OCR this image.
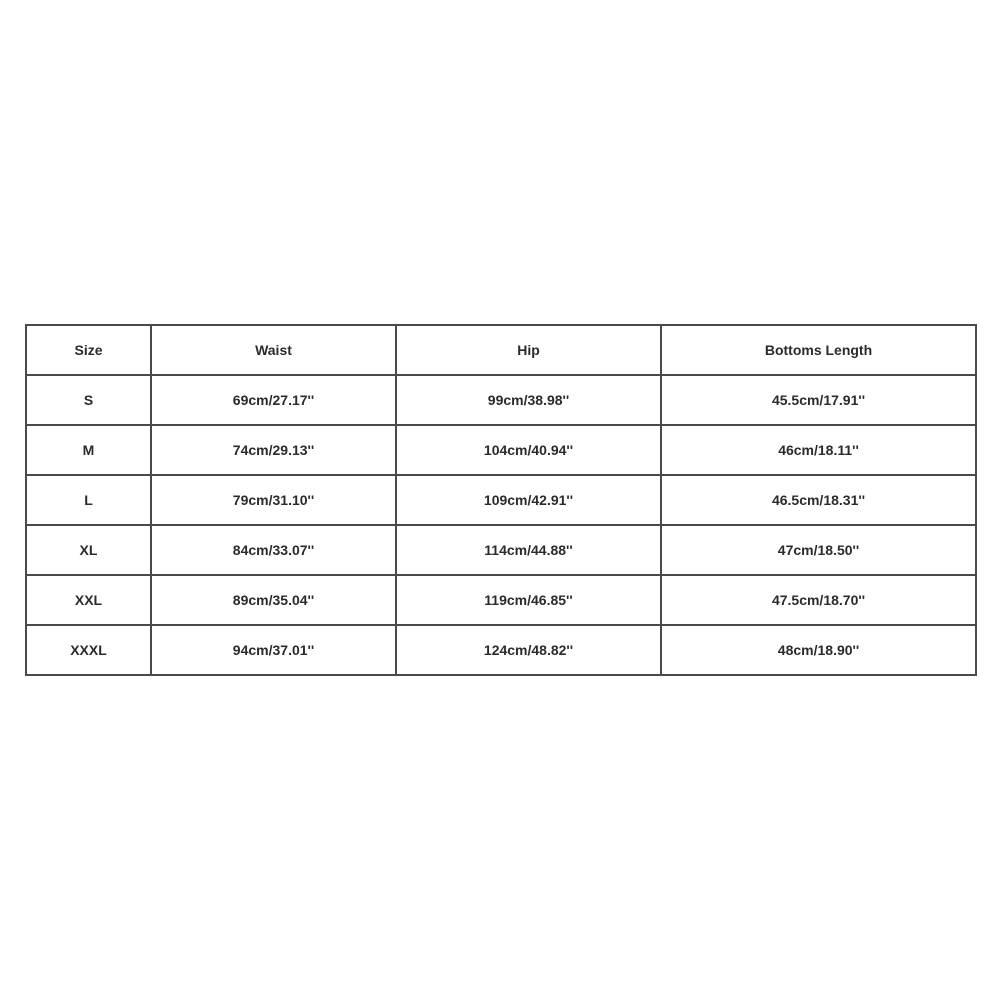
Size	Waist	Hip	Bottoms Length
S	69cm/27.17''	99cm/38.98''	45.5cm/17.91''
M	74cm/29.13''	104cm/40.94''	46cm/18.11''
L	79cm/31.10''	109cm/42.91''	46.5cm/18.31''
XL	84cm/33.07''	114cm/44.88''	47cm/18.50''
XXL	89cm/35.04''	119cm/46.85''	47.5cm/18.70''
XXXL	94cm/37.01''	124cm/48.82''	48cm/18.90''
